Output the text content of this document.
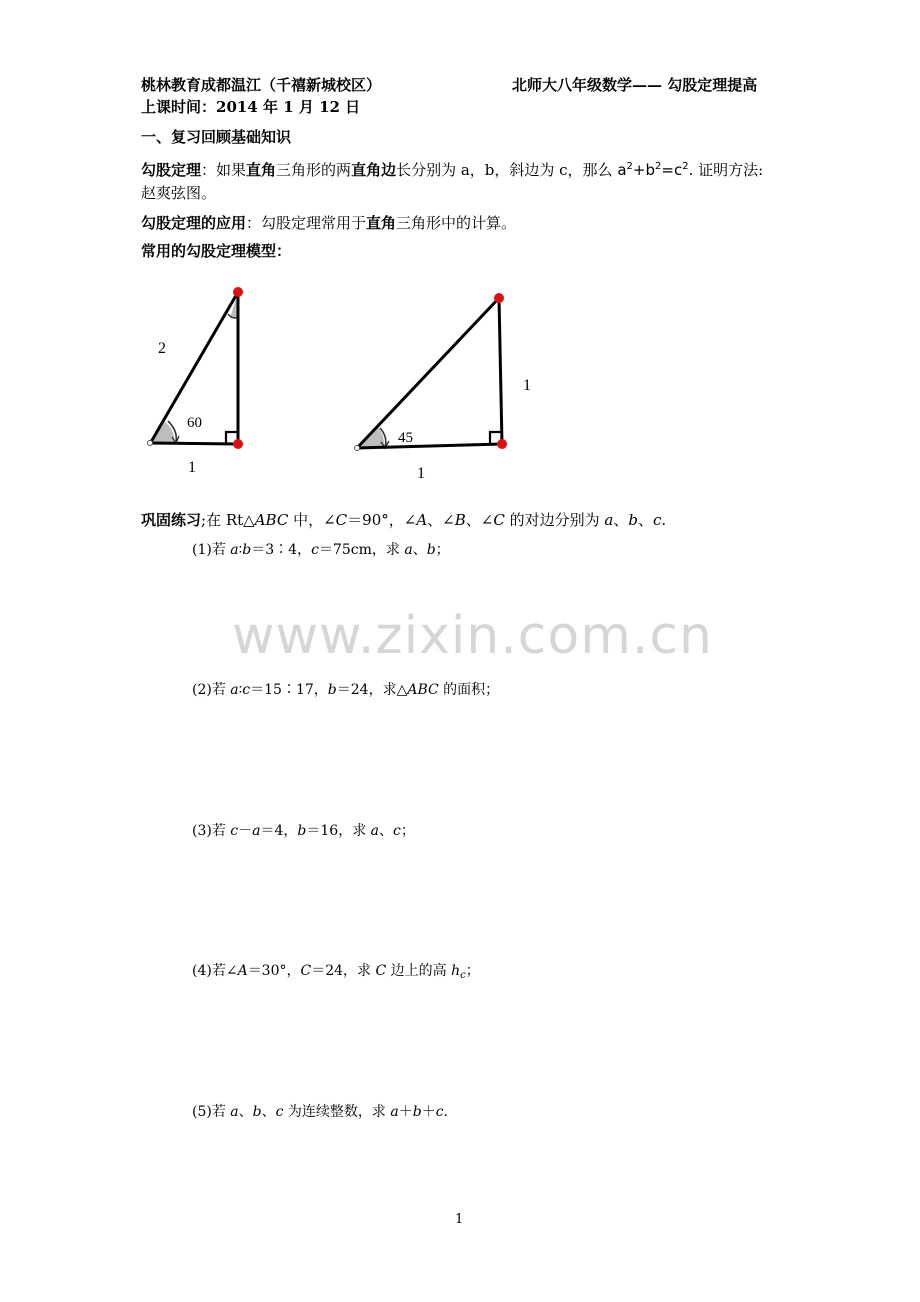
桃林教育成都温江（千禧新城校区）	北师大八年级数学—— 勾股定理提高
上课时间：2014 年 1 月 12 日
一、复习回顾基础知识
勾股定理：如果直角三角形的两直角边长分别为 a，b，斜边为 c，那么 $a^2+b^2=c^2$. 证明方法:
赵爽弦图。
勾股定理的应用：勾股定理常用于直角三角形中的计算。
常用的勾股定理模型：
2
60
1
1
45
1
巩固练习;在 Rt△ABC 中，∠C＝90°，∠A、∠B、∠C 的对边分别为 a、b、c.
(1)若 a∶b＝3∶4，c＝75cm，求 a、b；
www.zixin.com.cn
(2)若 a∶c＝15∶17，b＝24，求△ABC 的面积；
(3)若 c－a＝4，b＝16，求 a、c；
(4)若∠A＝30°，C＝24，求 C 边上的高 $h_c$；
(5)若 a、b、c 为连续整数，求 a＋b＋c.
1
